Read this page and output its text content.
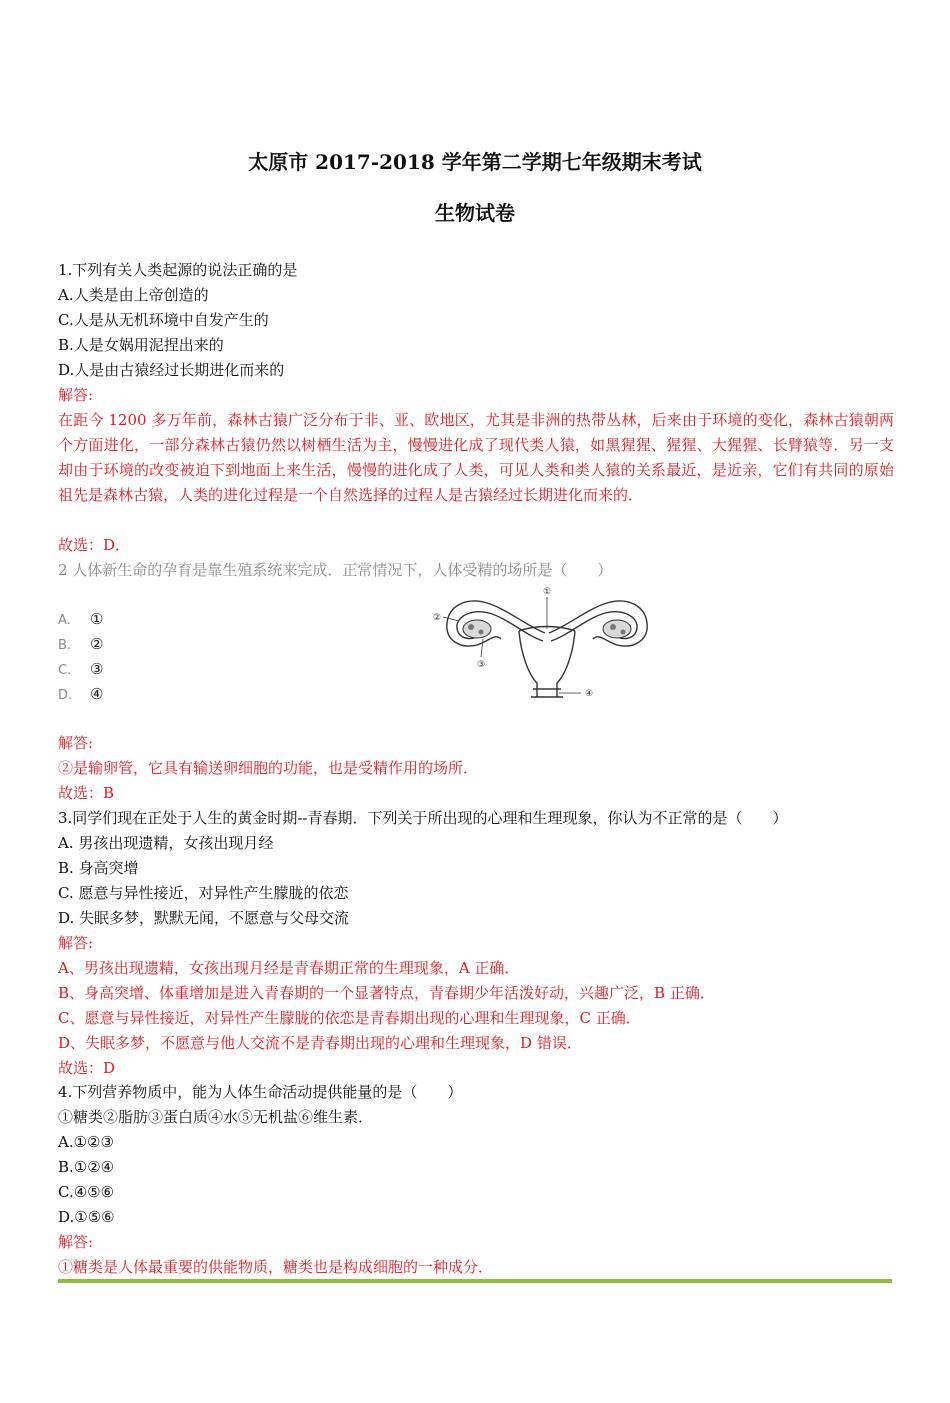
太原市 2017-2018 学年第二学期七年级期末考试
生物试卷
1.下列有关人类起源的说法正确的是
A.人类是由上帝创造的
C.人是从无机环境中自发产生的
B.人是女娲用泥捏出来的
D.人是由古猿经过长期进化而来的
解答:
在距今 1200 多万年前，森林古猿广泛分布于非、亚、欧地区，尤其是非洲的热带丛林，后来由于环境的变化，森林古猿朝两个方面进化，一部分森林古猿仍然以树栖生活为主，慢慢进化成了现代类人猿，如黑猩猩、猩猩、大猩猩、长臂猿等．另一支却由于环境的改变被迫下到地面上来生活，慢慢的进化成了人类，可见人类和类人猿的关系最近，是近亲，它们有共同的原始祖先是森林古猿，人类的进化过程是一个自然选择的过程人是古猿经过长期进化而来的．
故选：D．
2 人体新生命的孕育是靠生殖系统来完成．正常情况下，人体受精的场所是（　　）
A. ①
B. ②
C. ③
D. ④
①
②
③
④
解答:
②是输卵管，它具有输送卵细胞的功能，也是受精作用的场所．
故选：B
3.同学们现在正处于人生的黄金时期--青春期．下列关于所出现的心理和生理现象，你认为不正常的是（　　）
A. 男孩出现遗精，女孩出现月经
B. 身高突增
C. 愿意与异性接近，对异性产生朦胧的依恋
D. 失眠多梦，默默无闻，不愿意与父母交流
解答:
A、男孩出现遗精，女孩出现月经是青春期正常的生理现象，A 正确．
B、身高突增、体重增加是进入青春期的一个显著特点，青春期少年活泼好动，兴趣广泛，B 正确．
C、愿意与异性接近，对异性产生朦胧的依恋是青春期出现的心理和生理现象，C 正确．
D、失眠多梦，不愿意与他人交流不是青春期出现的心理和生理现象，D 错误．
故选：D
4.下列营养物质中，能为人体生命活动提供能量的是（　　）
①糖类②脂肪③蛋白质④水⑤无机盐⑥维生素．
A.①②③
B.①②④
C.④⑤⑥
D.①⑤⑥
解答:
①糖类是人体最重要的供能物质，糖类也是构成细胞的一种成分．
